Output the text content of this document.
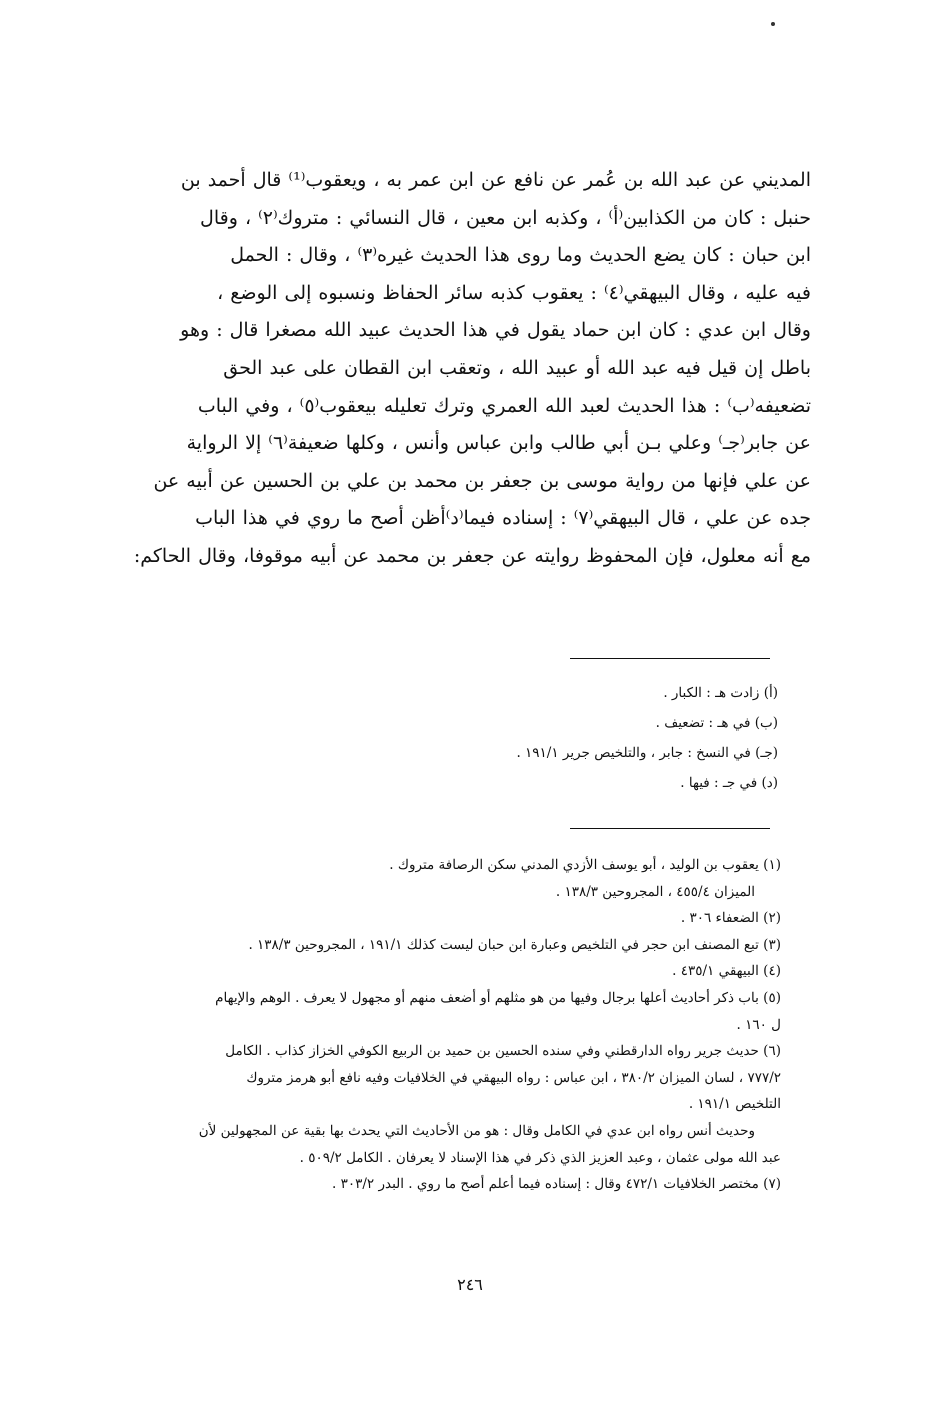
المديني عن عبد الله بن عُمر عن نافع عن ابن عمر به ، ويعقوب⁽¹⁾ قال أحمد بن
حنبل : كان من الكذابين⁽أ⁾ ، وكذبه ابن معين ، قال النسائي : متروك⁽٢⁾ ، وقال
ابن حبان : كان يضع الحديث وما روى هذا الحديث غيره⁽٣⁾ ، وقال : الحمل
فيه عليه ، وقال البيهقي⁽٤⁾ : يعقوب كذبه سائر الحفاظ ونسبوه إلى الوضع ،
وقال ابن عدي : كان ابن حماد يقول في هذا الحديث عبيد الله مصغرا قال : وهو
باطل إن قيل فيه عبد الله أو عبيد الله ، وتعقب ابن القطان على عبد الحق
تضعيفه⁽ب⁾ : هذا الحديث لعبد الله العمري وترك تعليله بيعقوب⁽٥⁾ ، وفي الباب
عن جابر⁽جـ⁾ وعلي بـن أبي طالب وابن عباس وأنس ، وكلها ضعيفة⁽٦⁾ إلا الرواية
عن علي فإنها من رواية موسى بن جعفر بن محمد بن علي بن الحسين عن أبيه عن
جده عن علي ، قال البيهقي⁽٧⁾ : إسناده فيما⁽د⁾أظن أصح ما روي في هذا الباب
مع أنه معلول، فإن المحفوظ روايته عن جعفر بن محمد عن أبيه موقوفا، وقال الحاكم:
(أ) زادت هـ : الكبار .
(ب) في هـ : تضعيف .
(جـ) في النسخ : جابر ، والتلخيص جرير ١٩١/١ .
(د) في جـ : فيها .
(١) يعقوب بن الوليد ، أبو يوسف الأزدي المدني سكن الرصافة متروك .
الميزان ٤٥٥/٤ ، المجروحين ١٣٨/٣ .
(٢) الضعفاء ٣٠٦ .
(٣) تبع المصنف ابن حجر في التلخيص وعبارة ابن حبان ليست كذلك ١٩١/١ ، المجروحين ١٣٨/٣ .
(٤) البيهقي ٤٣٥/١ .
(٥) باب ذكر أحاديث أعلها برجال وفيها من هو مثلهم أو أضعف منهم أو مجهول لا يعرف . الوهم والإيهام
ل ١٦٠ .
(٦) حديث جرير رواه الدارقطني وفي سنده الحسين بن حميد بن الربيع الكوفي الخزاز كذاب . الكامل
٧٧٧/٢ ، لسان الميزان ٣٨٠/٢ ، ابن عباس : رواه البيهقي في الخلافيات وفيه نافع أبو هرمز متروك
التلخيص ١٩١/١ .
وحديث أنس رواه ابن عدي في الكامل وقال : هو من الأحاديث التي يحدث بها بقية عن المجهولين لأن
عبد الله مولى عثمان ، وعبد العزيز الذي ذكر في هذا الإسناد لا يعرفان . الكامل ٥٠٩/٢ .
(٧) مختصر الخلافيات ٤٧٢/١ وقال : إسناده فيما أعلم أصح ما روي . البدر ٣٠٣/٢ .
٢٤٦
